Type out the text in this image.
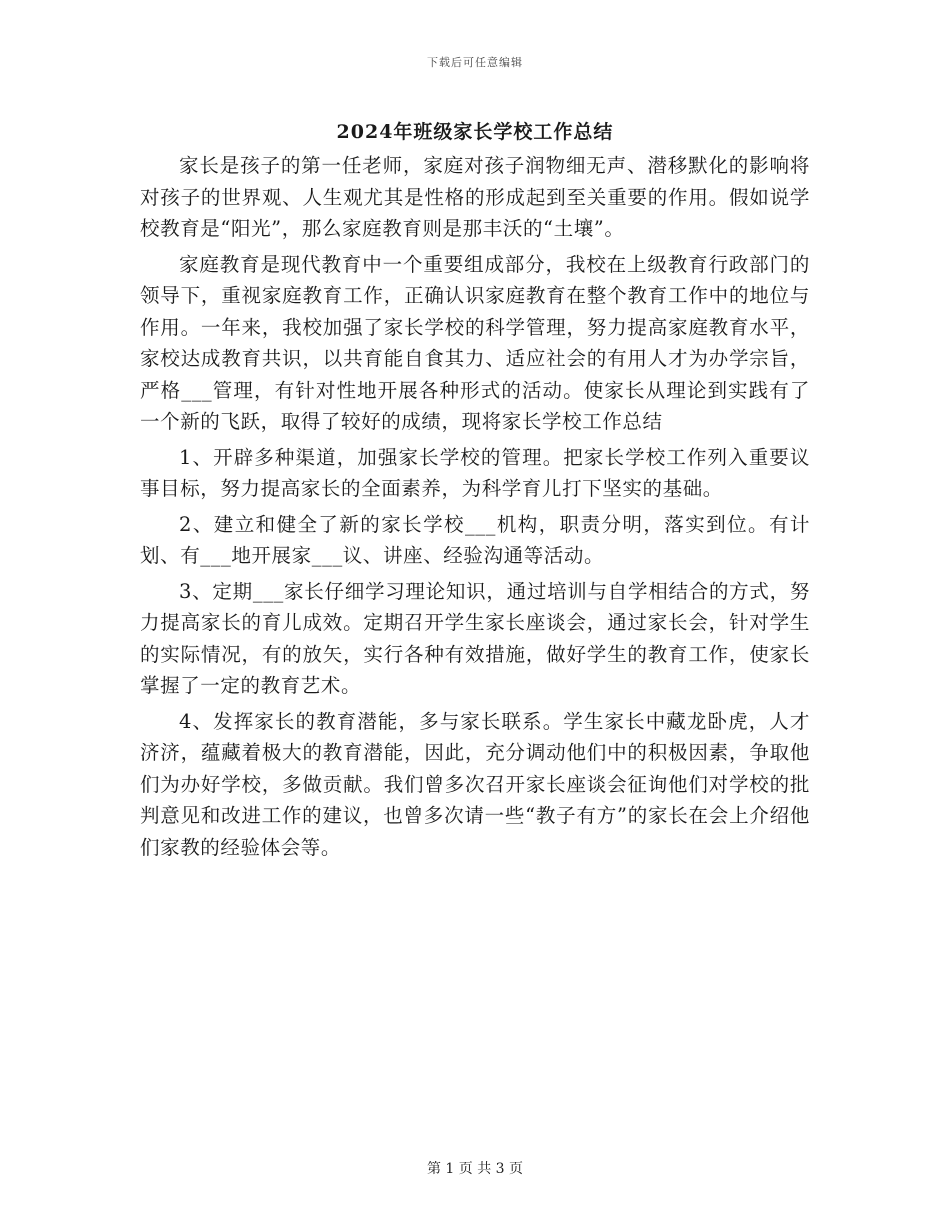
下载后可任意编辑
2024年班级家长学校工作总结

家长是孩子的第一任老师，家庭对孩子润物细无声、潜移默化的影响将对孩子的世界观、人生观尤其是性格的形成起到至关重要的作用。假如说学校教育是“阳光”，那么家庭教育则是那丰沃的“土壤”。

家庭教育是现代教育中一个重要组成部分，我校在上级教育行政部门的领导下，重视家庭教育工作，正确认识家庭教育在整个教育工作中的地位与作用。一年来，我校加强了家长学校的科学管理，努力提高家庭教育水平，家校达成教育共识，以共育能自食其力、适应社会的有用人才为办学宗旨，严格___管理，有针对性地开展各种形式的活动。使家长从理论到实践有了一个新的飞跃，取得了较好的成绩，现将家长学校工作总结

1、开辟多种渠道，加强家长学校的管理。把家长学校工作列入重要议事目标，努力提高家长的全面素养，为科学育儿打下坚实的基础。

2、建立和健全了新的家长学校___机构，职责分明，落实到位。有计划、有___地开展家___议、讲座、经验沟通等活动。

3、定期___家长仔细学习理论知识，通过培训与自学相结合的方式，努力提高家长的育儿成效。定期召开学生家长座谈会，通过家长会，针对学生的实际情况，有的放矢，实行各种有效措施，做好学生的教育工作，使家长掌握了一定的教育艺术。

4、发挥家长的教育潜能，多与家长联系。学生家长中藏龙卧虎，人才济济，蕴藏着极大的教育潜能，因此，充分调动他们中的积极因素，争取他们为办好学校，多做贡献。我们曾多次召开家长座谈会征询他们对学校的批判意见和改进工作的建议，也曾多次请一些“教子有方”的家长在会上介绍他们家教的经验体会等。

第 1 页 共 3 页
